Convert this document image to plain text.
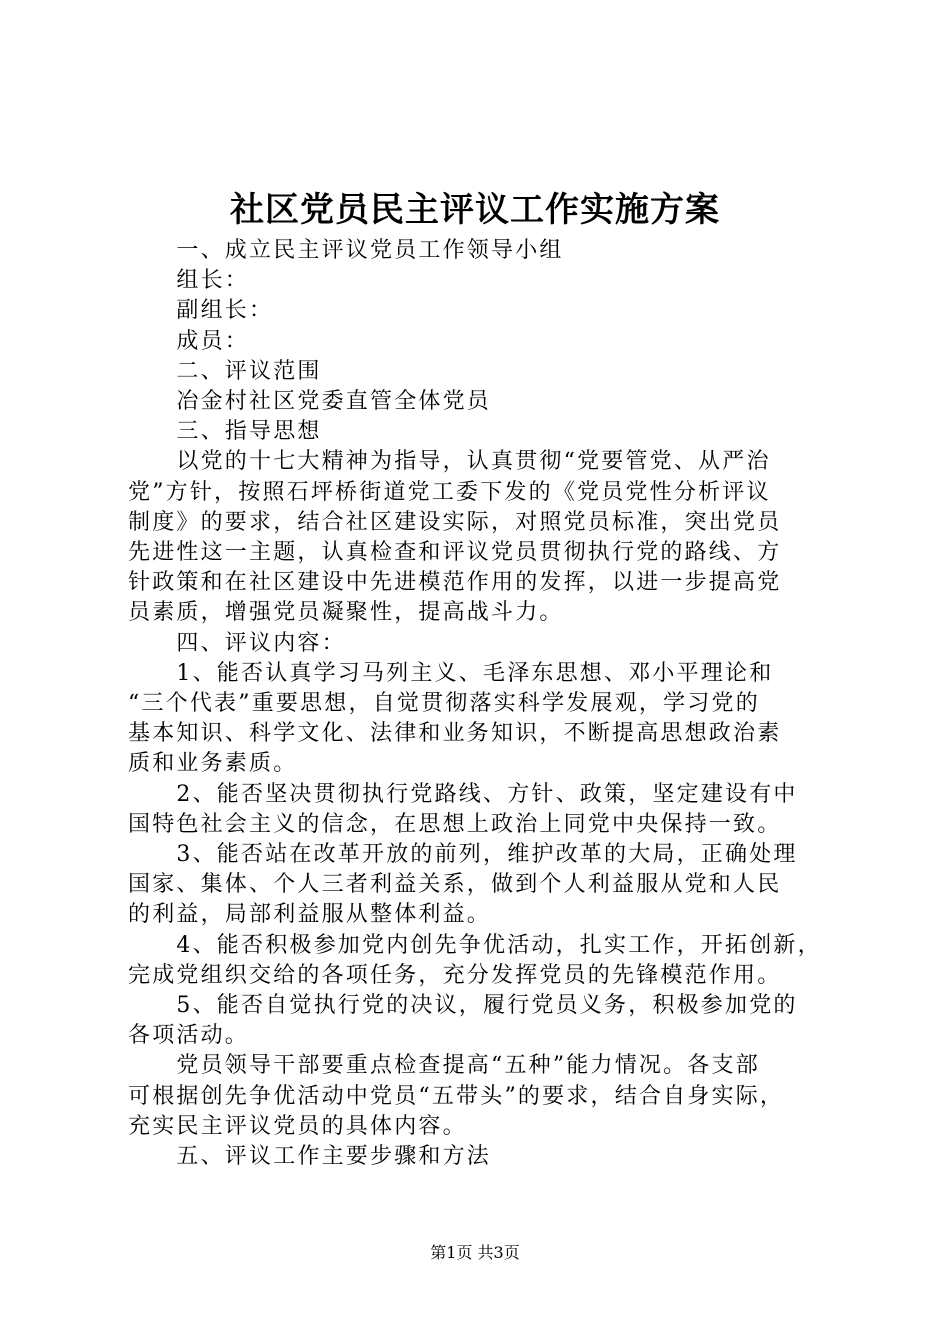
社区党员民主评议工作实施方案

　　一、成立民主评议党员工作领导小组

　　组长：

　　副组长：

　　成员：

　　二、评议范围

　　冶金村社区党委直管全体党员

　　三、指导思想

　　以党的十七大精神为指导，认真贯彻“党要管党、从严治

党”方针，按照石坪桥街道党工委下发的《党员党性分析评议

制度》的要求，结合社区建设实际，对照党员标准，突出党员

先进性这一主题，认真检查和评议党员贯彻执行党的路线、方

针政策和在社区建设中先进模范作用的发挥，以进一步提高党

员素质，增强党员凝聚性，提高战斗力。

　　四、评议内容：

　　1、能否认真学习马列主义、毛泽东思想、邓小平理论和

“三个代表”重要思想，自觉贯彻落实科学发展观，学习党的

基本知识、科学文化、法律和业务知识，不断提高思想政治素

质和业务素质。

　　2、能否坚决贯彻执行党路线、方针、政策，坚定建设有中

国特色社会主义的信念，在思想上政治上同党中央保持一致。

　　3、能否站在改革开放的前列，维护改革的大局，正确处理

国家、集体、个人三者利益关系，做到个人利益服从党和人民

的利益，局部利益服从整体利益。

　　4、能否积极参加党内创先争优活动，扎实工作，开拓创新，

完成党组织交给的各项任务，充分发挥党员的先锋模范作用。

　　5、能否自觉执行党的决议，履行党员义务，积极参加党的

各项活动。

　　党员领导干部要重点检查提高“五种”能力情况。各支部

可根据创先争优活动中党员“五带头”的要求，结合自身实际，

充实民主评议党员的具体内容。

　　五、评议工作主要步骤和方法

第1页 共3页
